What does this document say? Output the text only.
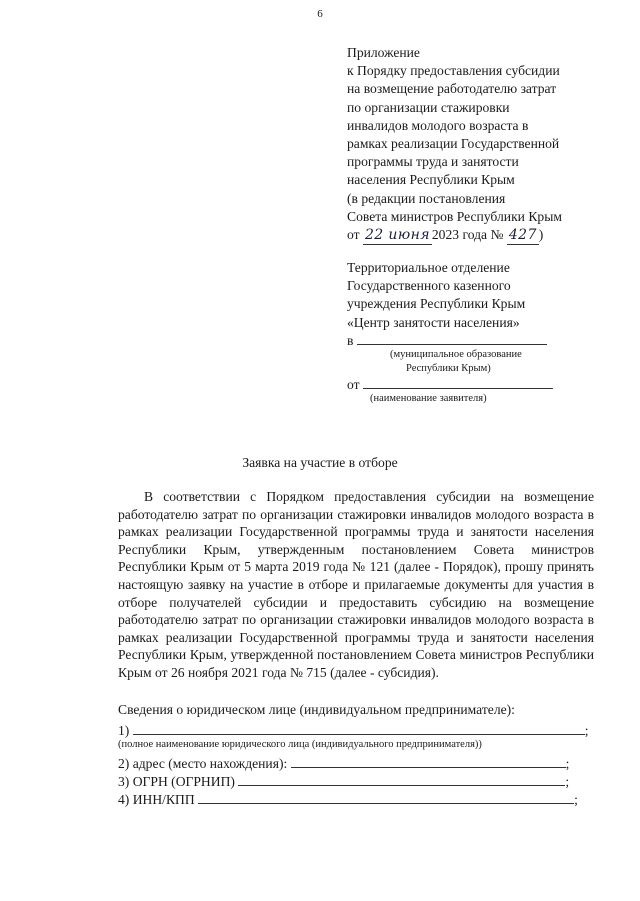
6
Приложение
к Порядку предоставления субсидии
на возмещение работодателю затрат
по организации стажировки
инвалидов молодого возраста в
рамках реализации Государственной
программы труда и занятости
населения Республики Крым
(в редакции постановления
Совета министров Республики Крым
от 22 июня 2023 года № 427 )
Территориальное отделение
Государственного казенного
учреждения Республики Крым
«Центр занятости населения»
в
(муниципальное образование
Республики Крым)
от
(наименование заявителя)
Заявка на участие в отборе
В соответствии с Порядком предоставления субсидии на возмещение работодателю затрат по организации стажировки инвалидов молодого возраста в рамках реализации Государственной программы труда и занятости населения Республики Крым, утвержденным постановлением Совета министров Республики Крым от 5 марта 2019 года № 121 (далее - Порядок), прошу принять настоящую заявку на участие в отборе и прилагаемые документы для участия в отборе получателей субсидии и предоставить субсидию на возмещение работодателю затрат по организации стажировки инвалидов молодого возраста в рамках реализации Государственной программы труда и занятости населения Республики Крым, утвержденной постановлением Совета министров Республики Крым от 26 ноября 2021 года № 715 (далее - субсидия).
Сведения о юридическом лице (индивидуальном предпринимателе):
1)	;
(полное наименование юридического лица (индивидуального предпринимателя))
2) адрес (место нахождения):	;
3) ОГРН (ОГРНИП)	;
4) ИНН/КПП	;
